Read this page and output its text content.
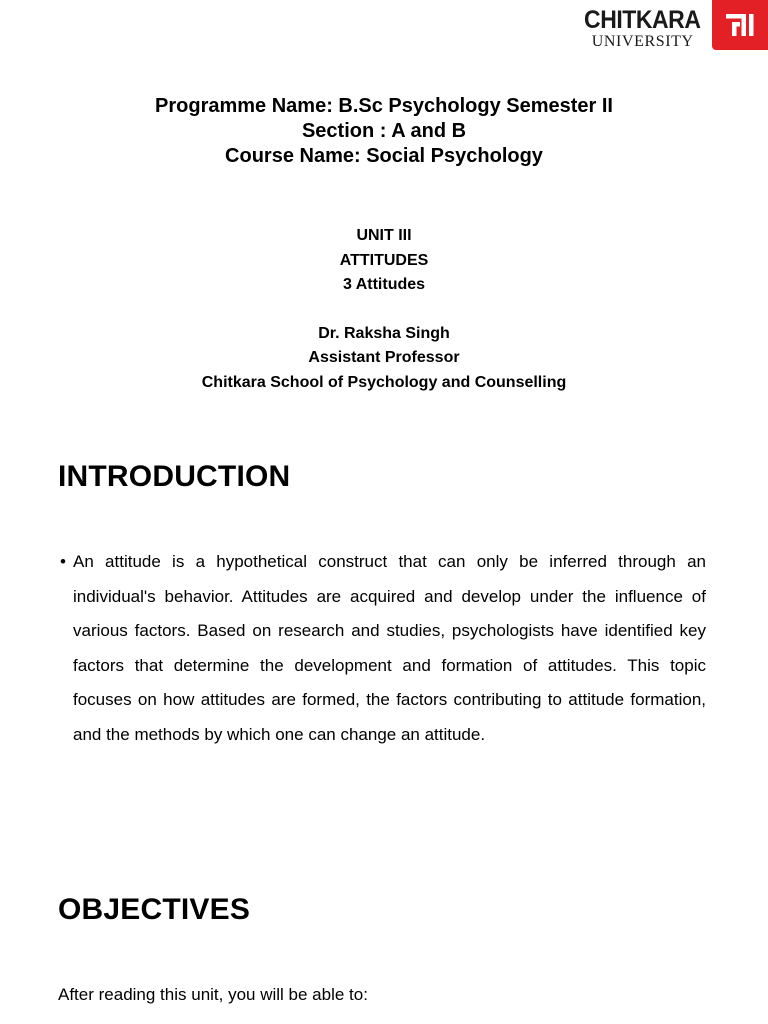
CHITKARA
UNIVERSITY
Programme Name: B.Sc Psychology Semester II
Section : A and B
Course Name: Social Psychology
UNIT III
ATTITUDES
3 Attitudes
Dr. Raksha Singh
Assistant Professor
Chitkara School of Psychology and Counselling
INTRODUCTION
• An attitude is a hypothetical construct that can only be inferred through an individual's behavior. Attitudes are acquired and develop under the influence of various factors. Based on research and studies, psychologists have identified key factors that determine the development and formation of attitudes. This topic focuses on how attitudes are formed, the factors contributing to attitude formation, and the methods by which one can change an attitude.
OBJECTIVES
After reading this unit, you will be able to:
